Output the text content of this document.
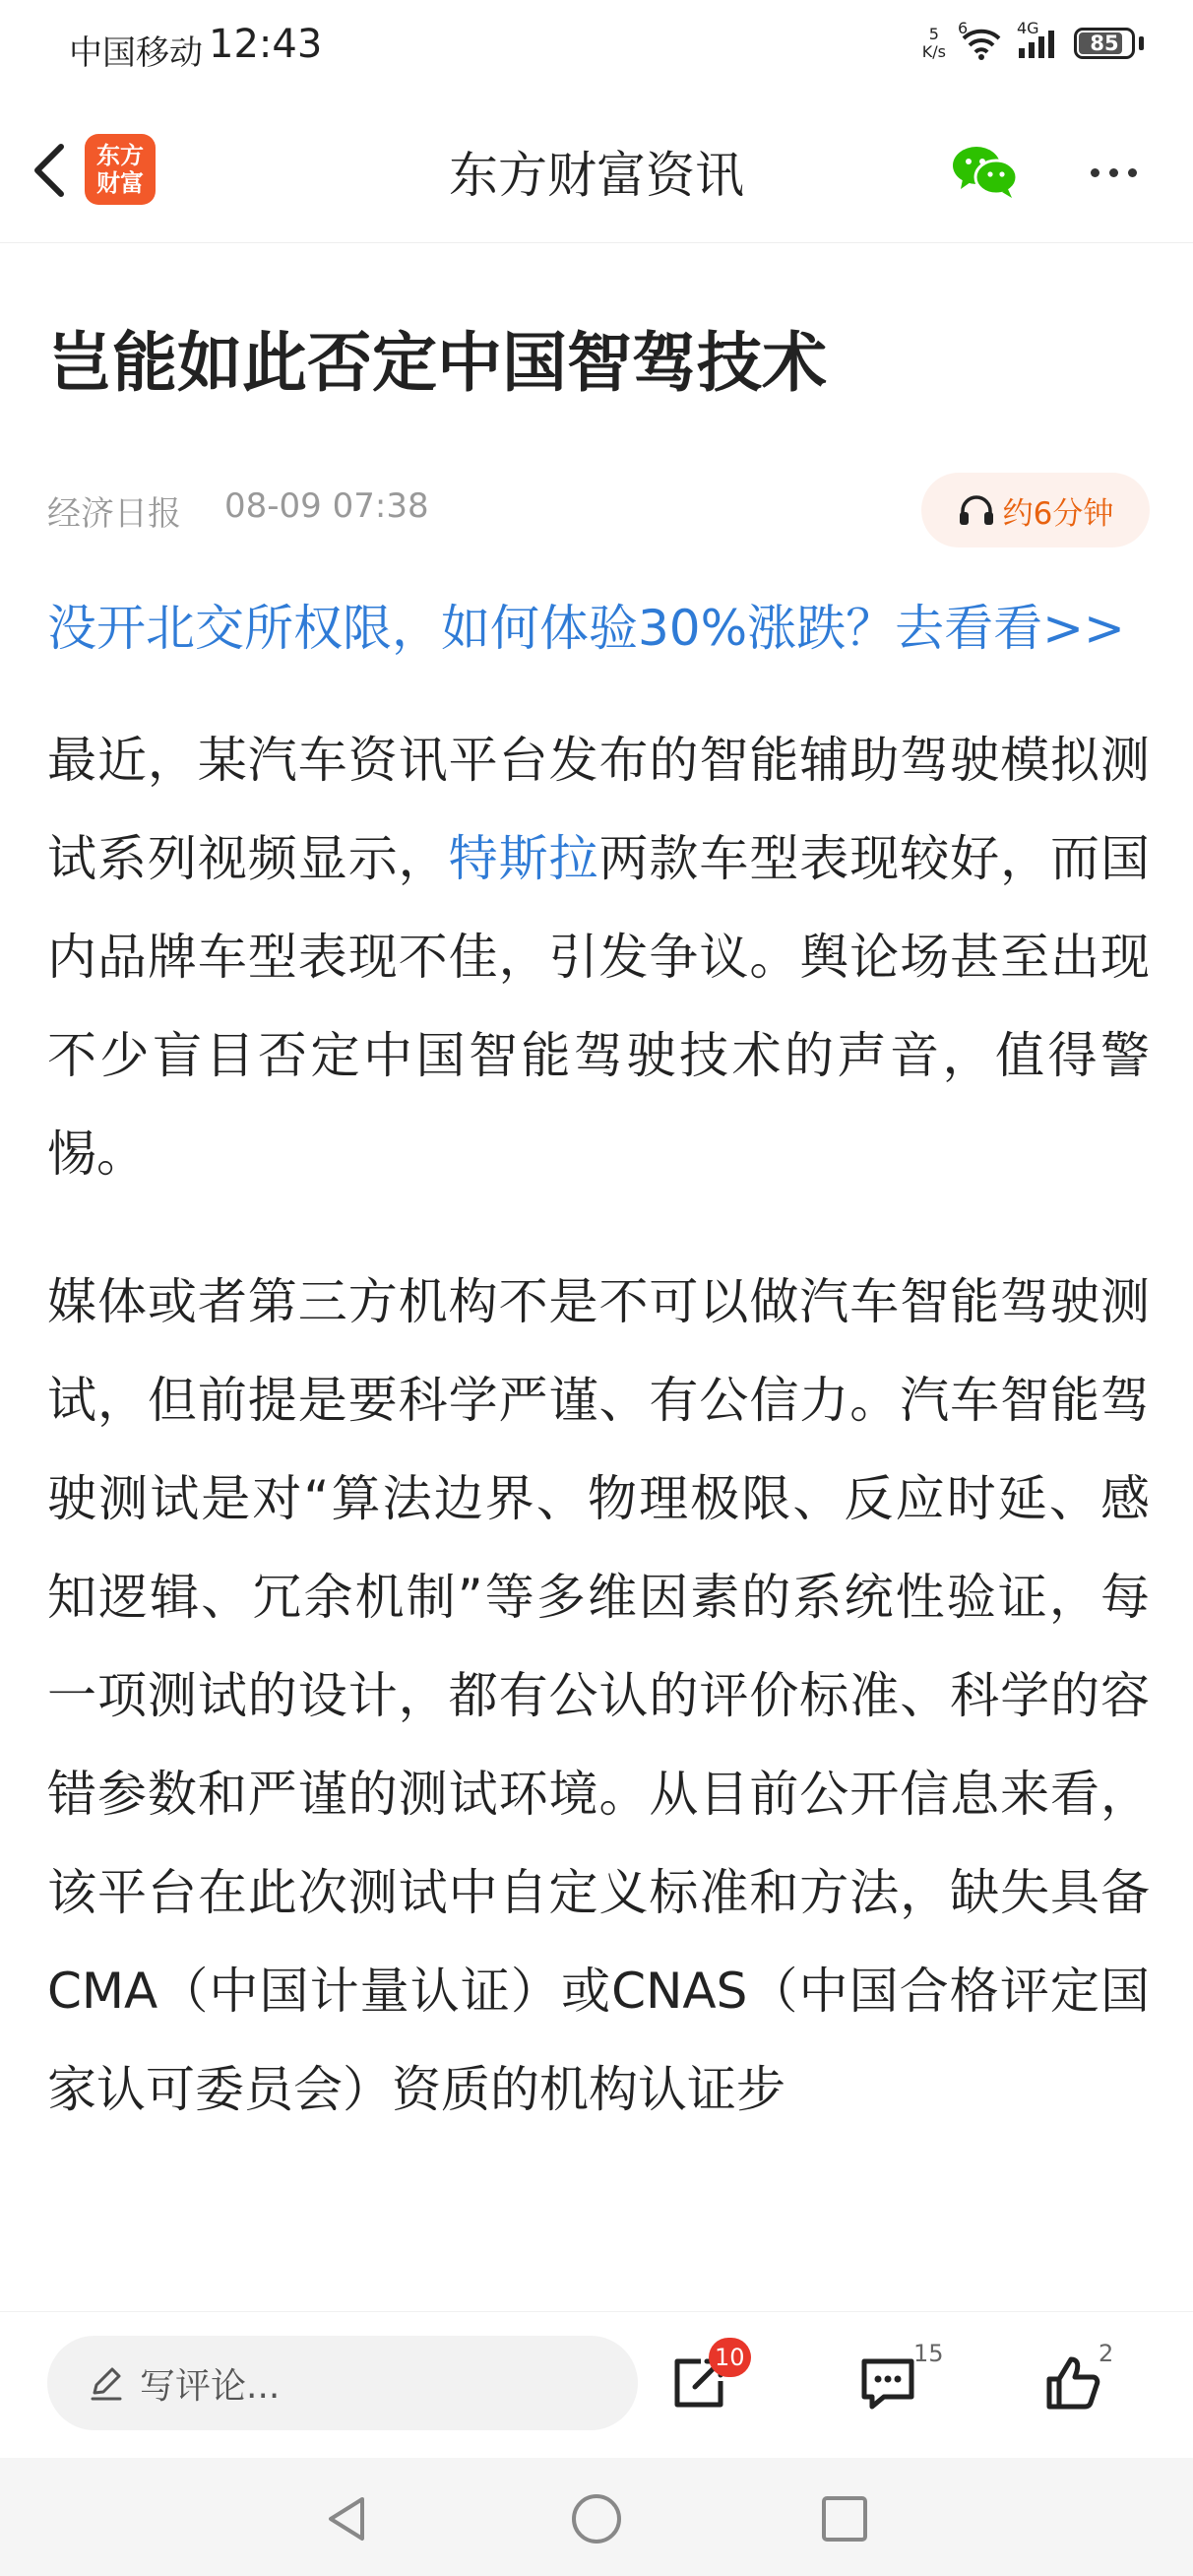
中国移动 12:43	5
K/s
6	4G
85
东方
财富	东方财富资讯
岂能如此否定中国智驾技术
经济日报 08-09 07:38	约6分钟
没开北交所权限，如何体验30%涨跌？去看看>>

最近，某汽车资讯平台发布的智能辅助驾驶模拟测试系列视频显示，特斯拉两款车型表现较好，而国内品牌车型表现不佳，引发争议。舆论场甚至出现不少盲目否定中国智能驾驶技术的声音，值得警惕。

媒体或者第三方机构不是不可以做汽车智能驾驶测试，但前提是要科学严谨、有公信力。汽车智能驾驶测试是对“算法边界、物理极限、反应时延、感知逻辑、冗余机制”等多维因素的系统性验证，每一项测试的设计，都有公认的评价标准、科学的容错参数和严谨的测试环境。从目前公开信息来看，该平台在此次测试中自定义标准和方法，缺失具备CMA（中国计量认证）或CNAS（中国合格评定国家认可委员会）资质的机构认证步

写评论...
10	15	2
